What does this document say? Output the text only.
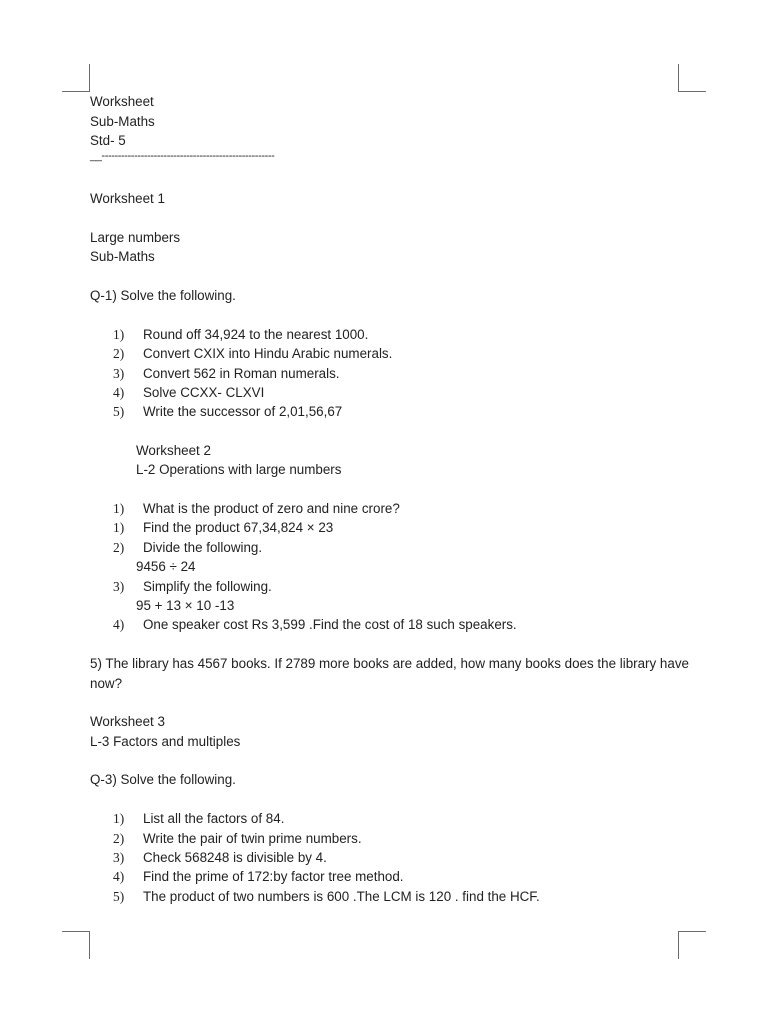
Worksheet
Sub-Maths
Std- 5
__-----------------------------------------------------
Worksheet 1
Large numbers
Sub-Maths
Q-1) Solve the following.
1) Round off 34,924 to the nearest 1000.
2) Convert CXIX into Hindu Arabic numerals.
3) Convert 562 in Roman numerals.
4) Solve CCXX- CLXVI
5) Write the successor of 2,01,56,67
Worksheet 2
L-2 Operations with large numbers
1) What is the product of zero and nine crore?
1) Find the product 67,34,824 × 23
2) Divide the following.
9456 ÷ 24
3) Simplify the following.
95 + 13 × 10 -13
4) One speaker cost Rs 3,599 .Find the cost of 18 such speakers.
5) The library has 4567 books. If 2789 more books are added, how many books does the library have now?
Worksheet 3
L-3 Factors and multiples
Q-3) Solve the following.
1) List all the factors of 84.
2) Write the pair of twin prime numbers.
3) Check 568248 is divisible by 4.
4) Find the prime of 172:by factor tree method.
5) The product of two numbers is 600 .The LCM is 120 . find the HCF.
